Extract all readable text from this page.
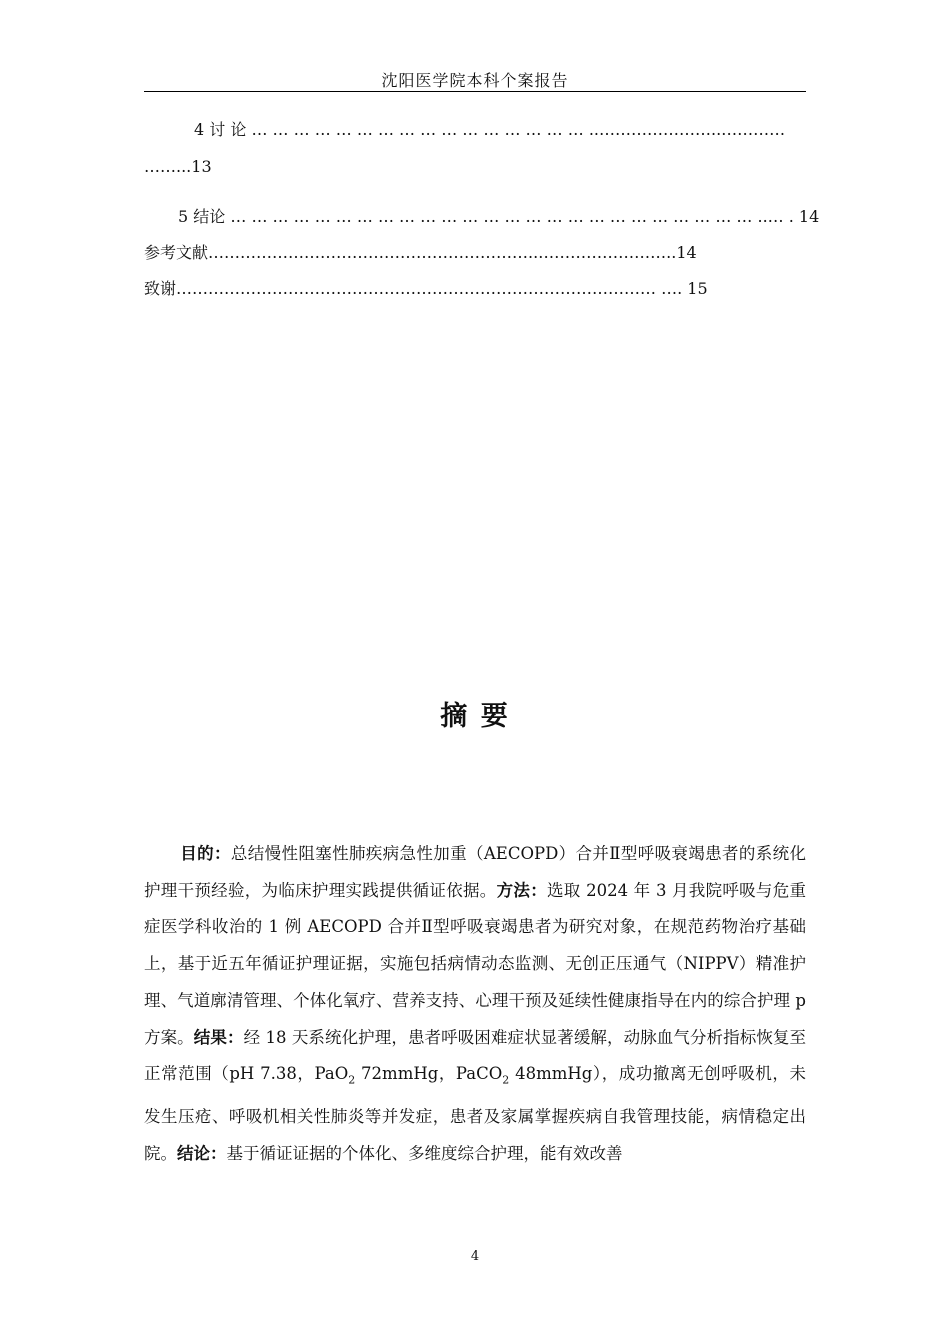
沈阳医学院本科个案报告
4 讨 论 … … … … … … … … … … … … … … … … ..…………………..…………
……...13
5 结论 … … … … … … … … … … … … … … … … … … … … … … … … … ..… . 14
参考文献……………………………………………………..……………………..14
致谢……………………………………………………………………………… …. 15
摘 要

目的：总结慢性阻塞性肺疾病急性加重（AECOPD）合并Ⅱ型呼吸衰竭患者的系统化护理干预经验，为临床护理实践提供循证依据。方法：选取 2024 年 3 月我院呼吸与危重症医学科收治的 1 例 AECOPD 合并Ⅱ型呼吸衰竭患者为研究对象，在规范药物治疗基础上，基于近五年循证护理证据，实施包括病情动态监测、无创正压通气（NIPPV）精准护理、气道廓清管理、个体化氧疗、营养支持、心理干预及延续性健康指导在内的综合护理 p 方案。结果：经 18 天系统化护理，患者呼吸困难症状显著缓解，动脉血气分析指标恢复至正常范围（pH 7.38，PaO$_2$ 72mmHg，PaCO$_2$ 48mmHg），成功撤离无创呼吸机，未发生压疮、呼吸机相关性肺炎等并发症，患者及家属掌握疾病自我管理技能，病情稳定出院。结论：基于循证证据的个体化、多维度综合护理，能有效改善

4
